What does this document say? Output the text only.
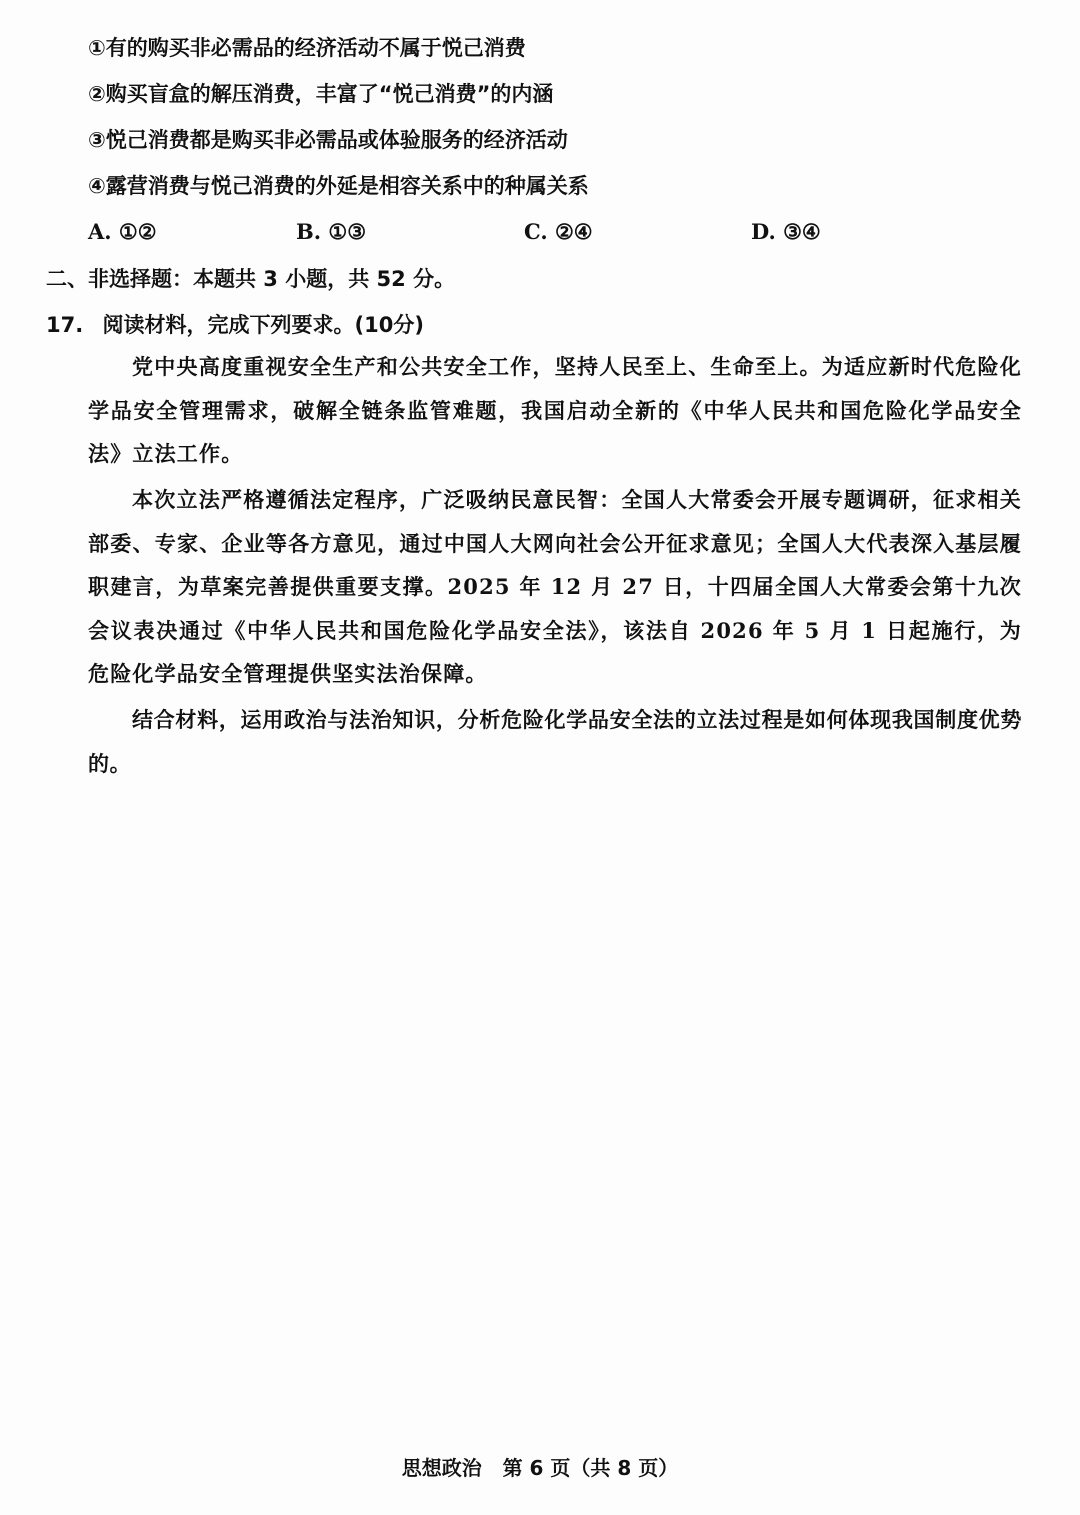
①有的购买非必需品的经济活动不属于悦己消费
②购买盲盒的解压消费，丰富了“悦己消费”的内涵
③悦己消费都是购买非必需品或体验服务的经济活动
④露营消费与悦己消费的外延是相容关系中的种属关系
A. ①②	B. ①③	C. ②④	D. ③④
二、非选择题：本题共 3 小题，共 52 分。
17. 阅读材料，完成下列要求。(10分)
党中央高度重视安全生产和公共安全工作，坚持人民至上、生命至上。为适应新时代危险化学品安全管理需求，破解全链条监管难题，我国启动全新的《中华人民共和国危险化学品安全法》立法工作。
本次立法严格遵循法定程序，广泛吸纳民意民智：全国人大常委会开展专题调研，征求相关部委、专家、企业等各方意见，通过中国人大网向社会公开征求意见；全国人大代表深入基层履职建言，为草案完善提供重要支撑。2025 年 12 月 27 日，十四届全国人大常委会第十九次会议表决通过《中华人民共和国危险化学品安全法》，该法自 2026 年 5 月 1 日起施行，为危险化学品安全管理提供坚实法治保障。
结合材料，运用政治与法治知识，分析危险化学品安全法的立法过程是如何体现我国制度优势的。
思想政治 第 6 页（共 8 页）
